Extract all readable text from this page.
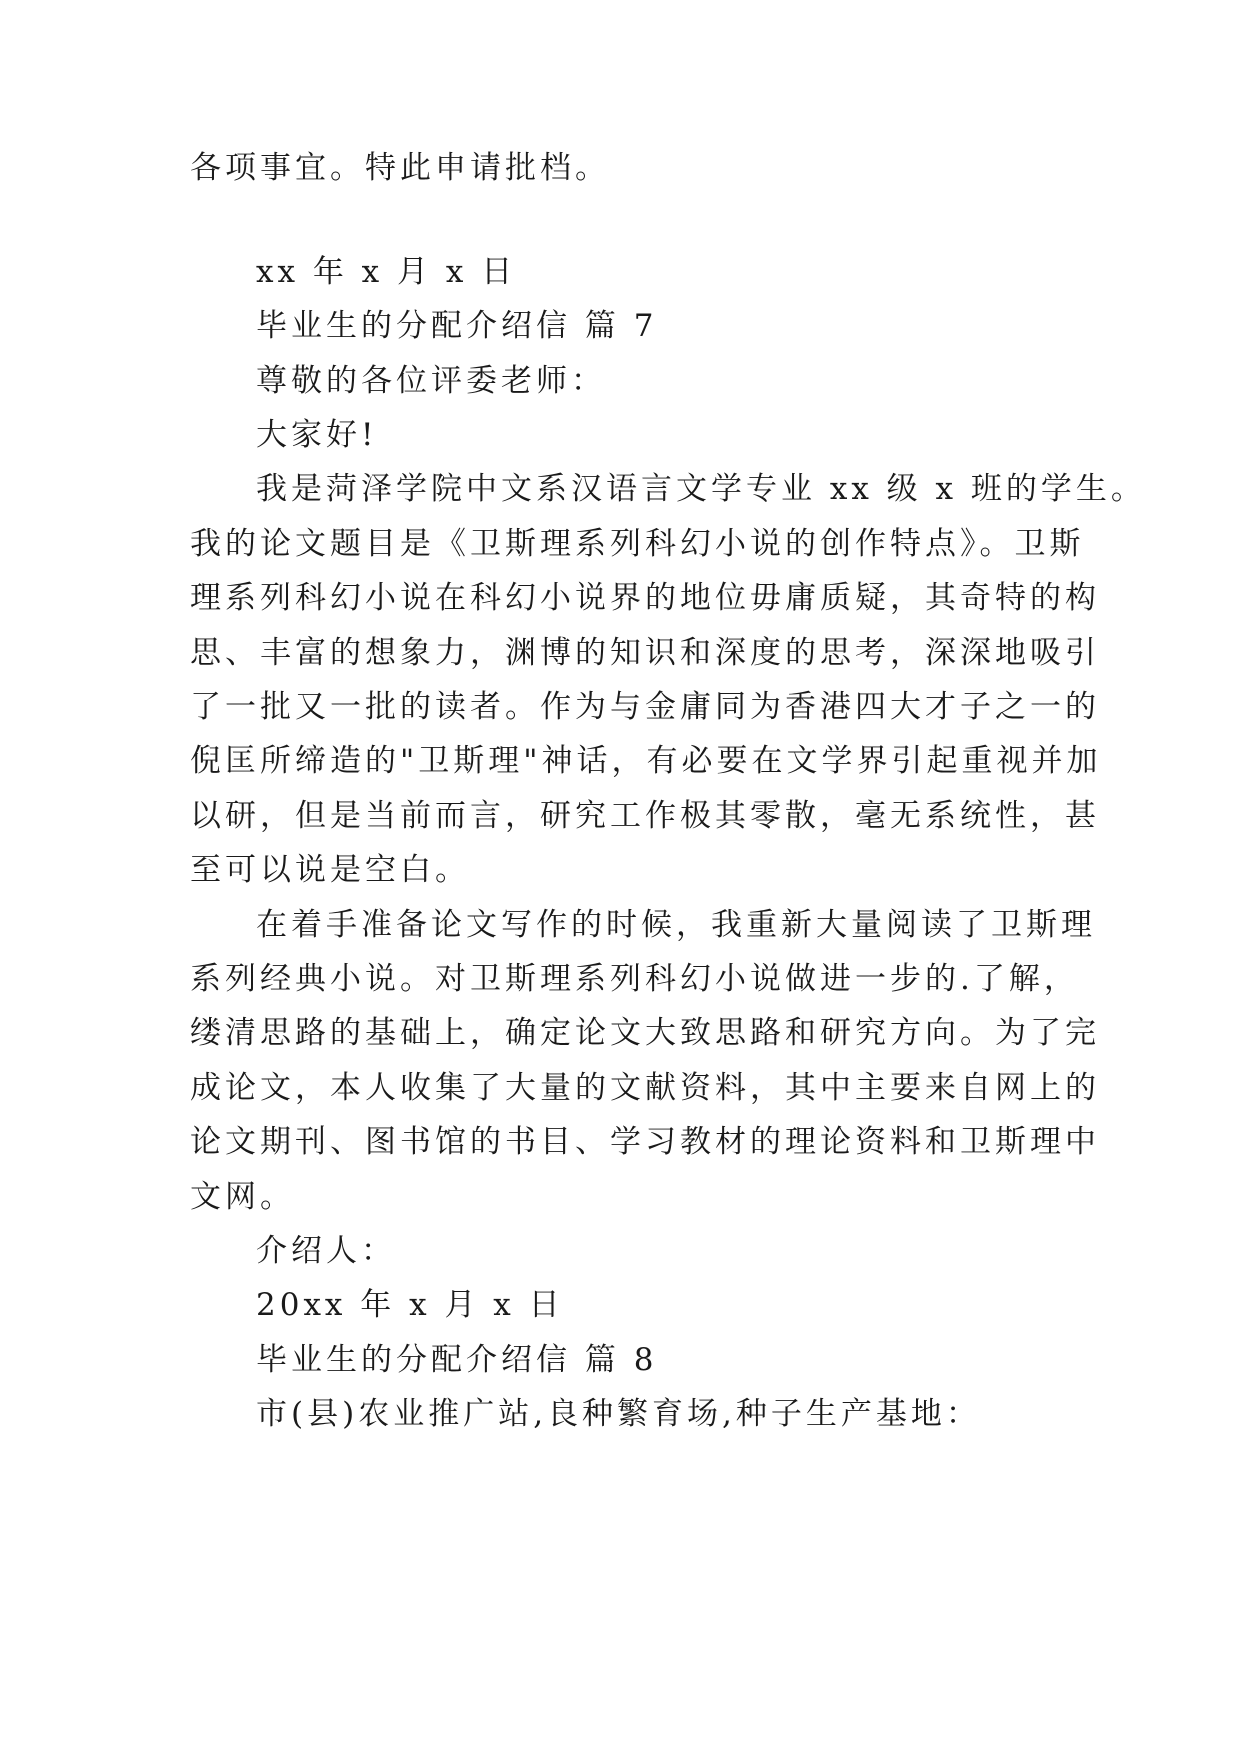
各项事宜。特此申请批档。
xx 年 x 月 x 日
毕业生的分配介绍信 篇 7
尊敬的各位评委老师：
大家好!
我是菏泽学院中文系汉语言文学专业 xx 级 x 班的学生。
我的论文题目是《卫斯理系列科幻小说的创作特点》。卫斯
理系列科幻小说在科幻小说界的地位毋庸质疑，其奇特的构
思、丰富的想象力，渊博的知识和深度的思考，深深地吸引
了一批又一批的读者。作为与金庸同为香港四大才子之一的
倪匡所缔造的"卫斯理"神话，有必要在文学界引起重视并加
以研，但是当前而言，研究工作极其零散，毫无系统性，甚
至可以说是空白。
在着手准备论文写作的时候，我重新大量阅读了卫斯理
系列经典小说。对卫斯理系列科幻小说做进一步的.了解，
缕清思路的基础上，确定论文大致思路和研究方向。为了完
成论文，本人收集了大量的文献资料，其中主要来自网上的
论文期刊、图书馆的书目、学习教材的理论资料和卫斯理中
文网。
介绍人：
20xx 年 x 月 x 日
毕业生的分配介绍信 篇 8
市(县)农业推广站,良种繁育场,种子生产基地：
